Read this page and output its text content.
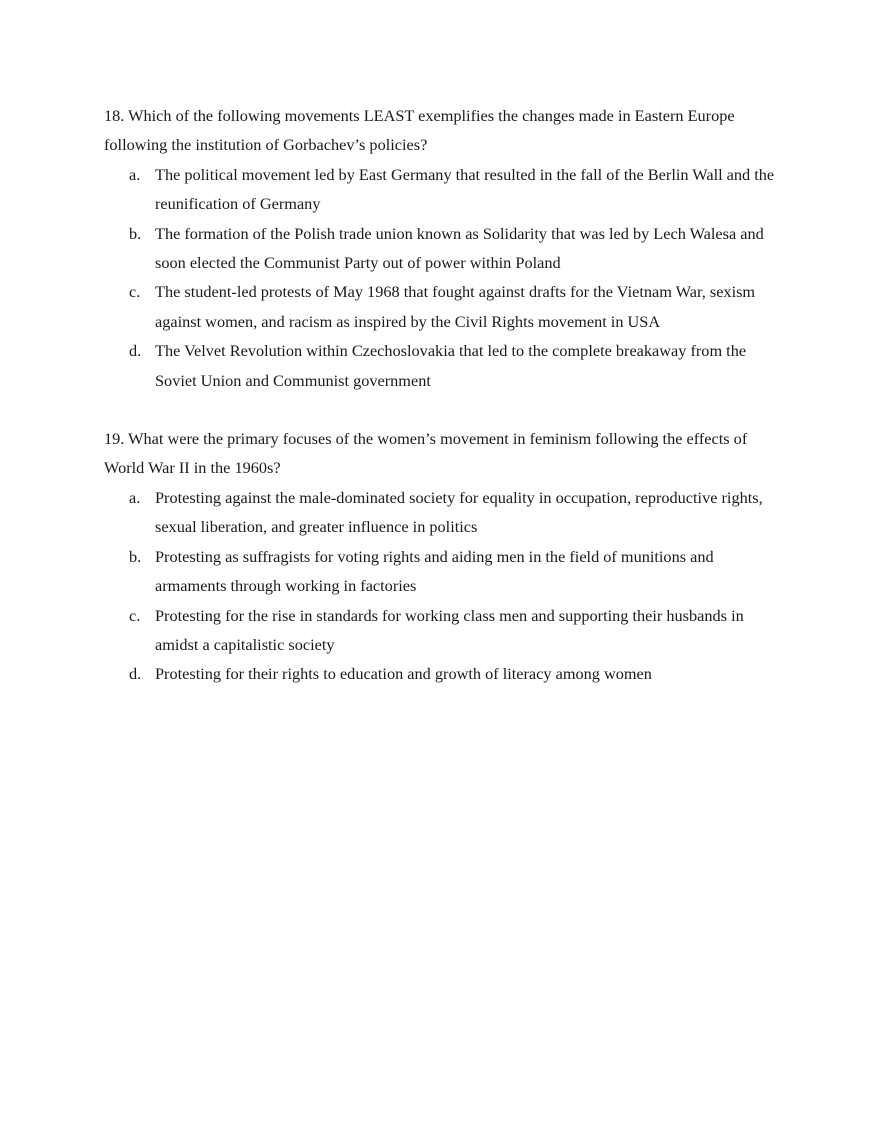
18. Which of the following movements LEAST exemplifies the changes made in Eastern Europe following the institution of Gorbachev’s policies?

a. The political movement led by East Germany that resulted in the fall of the Berlin Wall and the reunification of Germany
b. The formation of the Polish trade union known as Solidarity that was led by Lech Walesa and soon elected the Communist Party out of power within Poland
c. The student-led protests of May 1968 that fought against drafts for the Vietnam War, sexism against women, and racism as inspired by the Civil Rights movement in USA
d. The Velvet Revolution within Czechoslovakia that led to the complete breakaway from the Soviet Union and Communist government

19. What were the primary focuses of the women’s movement in feminism following the effects of World War II in the 1960s?

a. Protesting against the male-dominated society for equality in occupation, reproductive rights, sexual liberation, and greater influence in politics
b. Protesting as suffragists for voting rights and aiding men in the field of munitions and armaments through working in factories
c. Protesting for the rise in standards for working class men and supporting their husbands in amidst a capitalistic society
d. Protesting for their rights to education and growth of literacy among women
